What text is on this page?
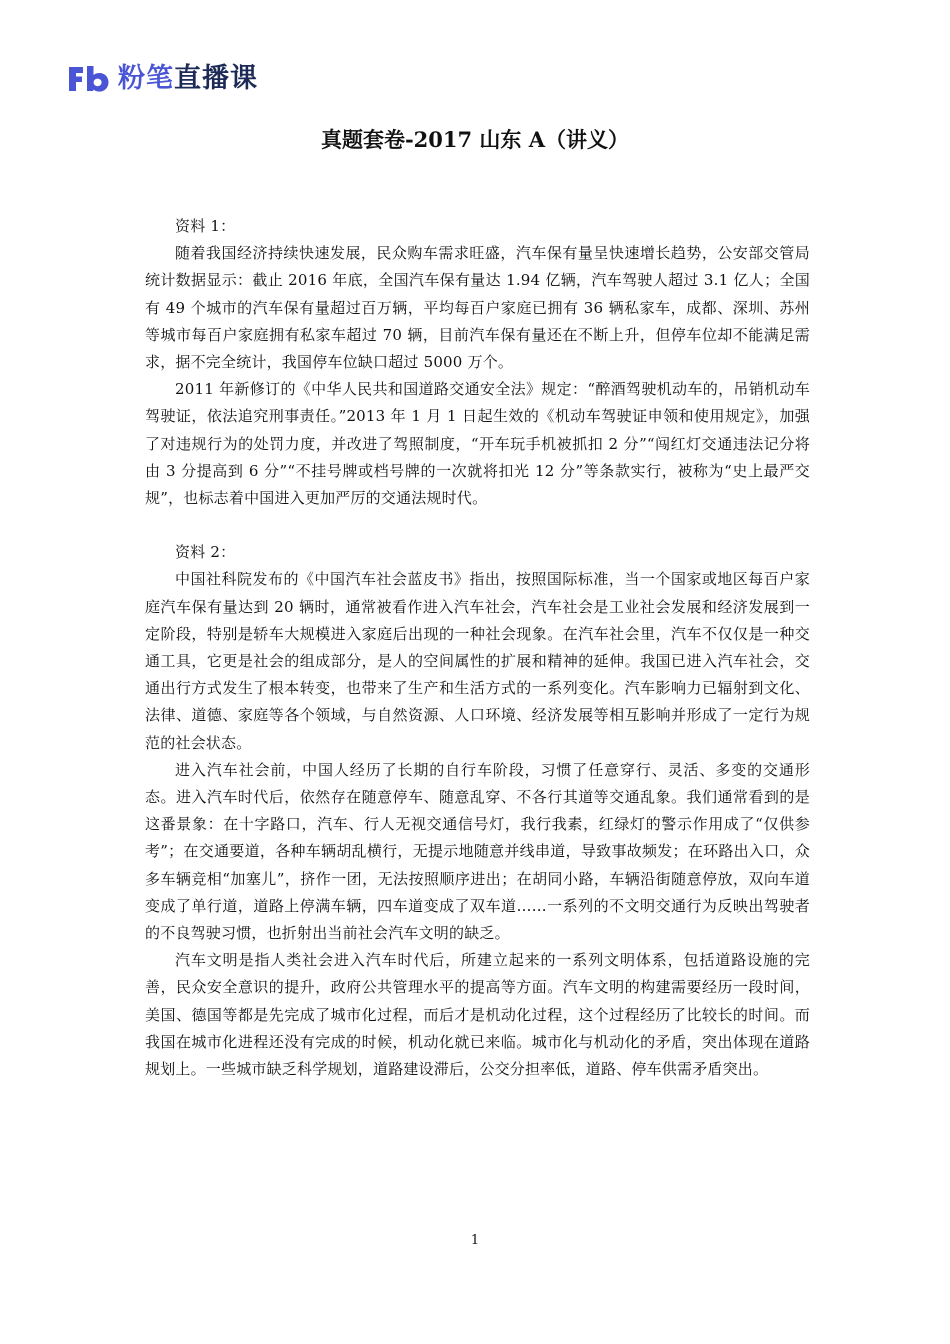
粉笔直播课
真题套卷-2017 山东 A（讲义）

资料 1：

随着我国经济持续快速发展，民众购车需求旺盛，汽车保有量呈快速增长趋势，公安部交管局统计数据显示：截止 2016 年底，全国汽车保有量达 1.94 亿辆，汽车驾驶人超过 3.1 亿人；全国有 49 个城市的汽车保有量超过百万辆，平均每百户家庭已拥有 36 辆私家车，成都、深圳、苏州等城市每百户家庭拥有私家车超过 70 辆，目前汽车保有量还在不断上升，但停车位却不能满足需求，据不完全统计，我国停车位缺口超过 5000 万个。

2011 年新修订的《中华人民共和国道路交通安全法》规定：“醉酒驾驶机动车的，吊销机动车驾驶证，依法追究刑事责任。”2013 年 1 月 1 日起生效的《机动车驾驶证申领和使用规定》，加强了对违规行为的处罚力度，并改进了驾照制度，“开车玩手机被抓扣 2 分”“闯红灯交通违法记分将由 3 分提高到 6 分”“不挂号牌或档号牌的一次就将扣光 12 分”等条款实行，被称为“史上最严交规”，也标志着中国进入更加严厉的交通法规时代。

资料 2：

中国社科院发布的《中国汽车社会蓝皮书》指出，按照国际标准，当一个国家或地区每百户家庭汽车保有量达到 20 辆时，通常被看作进入汽车社会，汽车社会是工业社会发展和经济发展到一定阶段，特别是轿车大规模进入家庭后出现的一种社会现象。在汽车社会里，汽车不仅仅是一种交通工具，它更是社会的组成部分，是人的空间属性的扩展和精神的延伸。我国已进入汽车社会，交通出行方式发生了根本转变，也带来了生产和生活方式的一系列变化。汽车影响力已辐射到文化、法律、道德、家庭等各个领域，与自然资源、人口环境、经济发展等相互影响并形成了一定行为规范的社会状态。

进入汽车社会前，中国人经历了长期的自行车阶段，习惯了任意穿行、灵活、多变的交通形态。进入汽车时代后，依然存在随意停车、随意乱穿、不各行其道等交通乱象。我们通常看到的是这番景象：在十字路口，汽车、行人无视交通信号灯，我行我素，红绿灯的警示作用成了“仅供参考”；在交通要道，各种车辆胡乱横行，无提示地随意并线串道，导致事故频发；在环路出入口，众多车辆竞相“加塞儿”，挤作一团，无法按照顺序进出；在胡同小路，车辆沿街随意停放，双向车道变成了单行道，道路上停满车辆，四车道变成了双车道……一系列的不文明交通行为反映出驾驶者的不良驾驶习惯，也折射出当前社会汽车文明的缺乏。

汽车文明是指人类社会进入汽车时代后，所建立起来的一系列文明体系，包括道路设施的完善，民众安全意识的提升，政府公共管理水平的提高等方面。汽车文明的构建需要经历一段时间，美国、德国等都是先完成了城市化过程，而后才是机动化过程，这个过程经历了比较长的时间。而我国在城市化进程还没有完成的时候，机动化就已来临。城市化与机动化的矛盾，突出体现在道路规划上。一些城市缺乏科学规划，道路建设滞后，公交分担率低，道路、停车供需矛盾突出。

1
